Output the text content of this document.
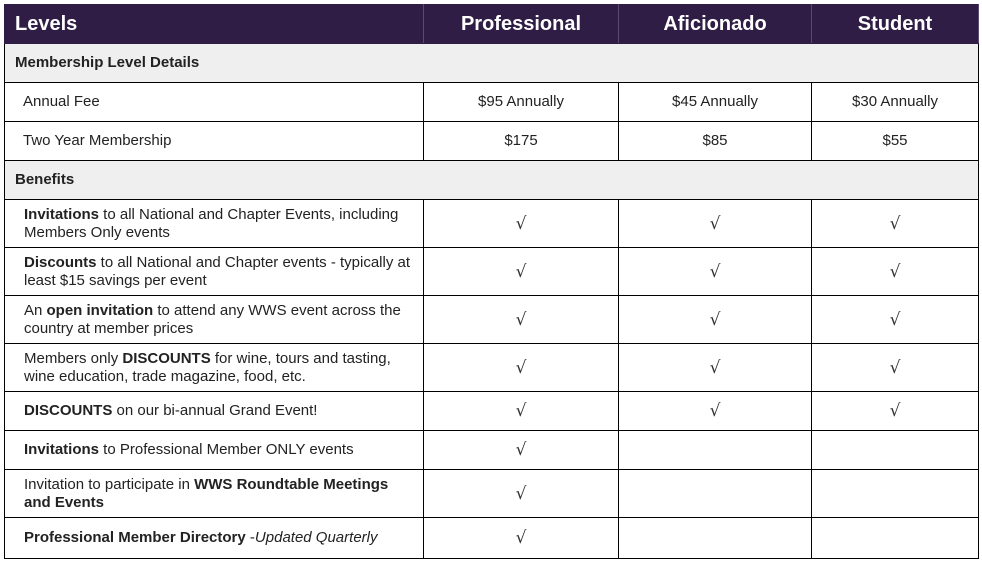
Levels	Professional	Aficionado	Student
Membership Level Details			
Annual Fee	$95 Annually	$45 Annually	$30 Annually
Two Year Membership	$175	$85	$55
Benefits			
Invitations to all National and Chapter Events, including Members Only events	√	√	√
Discounts to all National and Chapter events - typically at least $15 savings per event	√	√	√
An open invitation to attend any WWS event across the country at member prices	√	√	√
Members only DISCOUNTS for wine, tours and tasting, wine education, trade magazine, food, etc.	√	√	√
DISCOUNTS on our bi-annual Grand Event!	√	√	√
Invitations to Professional Member ONLY events	√		
Invitation to participate in WWS Roundtable Meetings and Events	√		
Professional Member Directory -Updated Quarterly	√		
